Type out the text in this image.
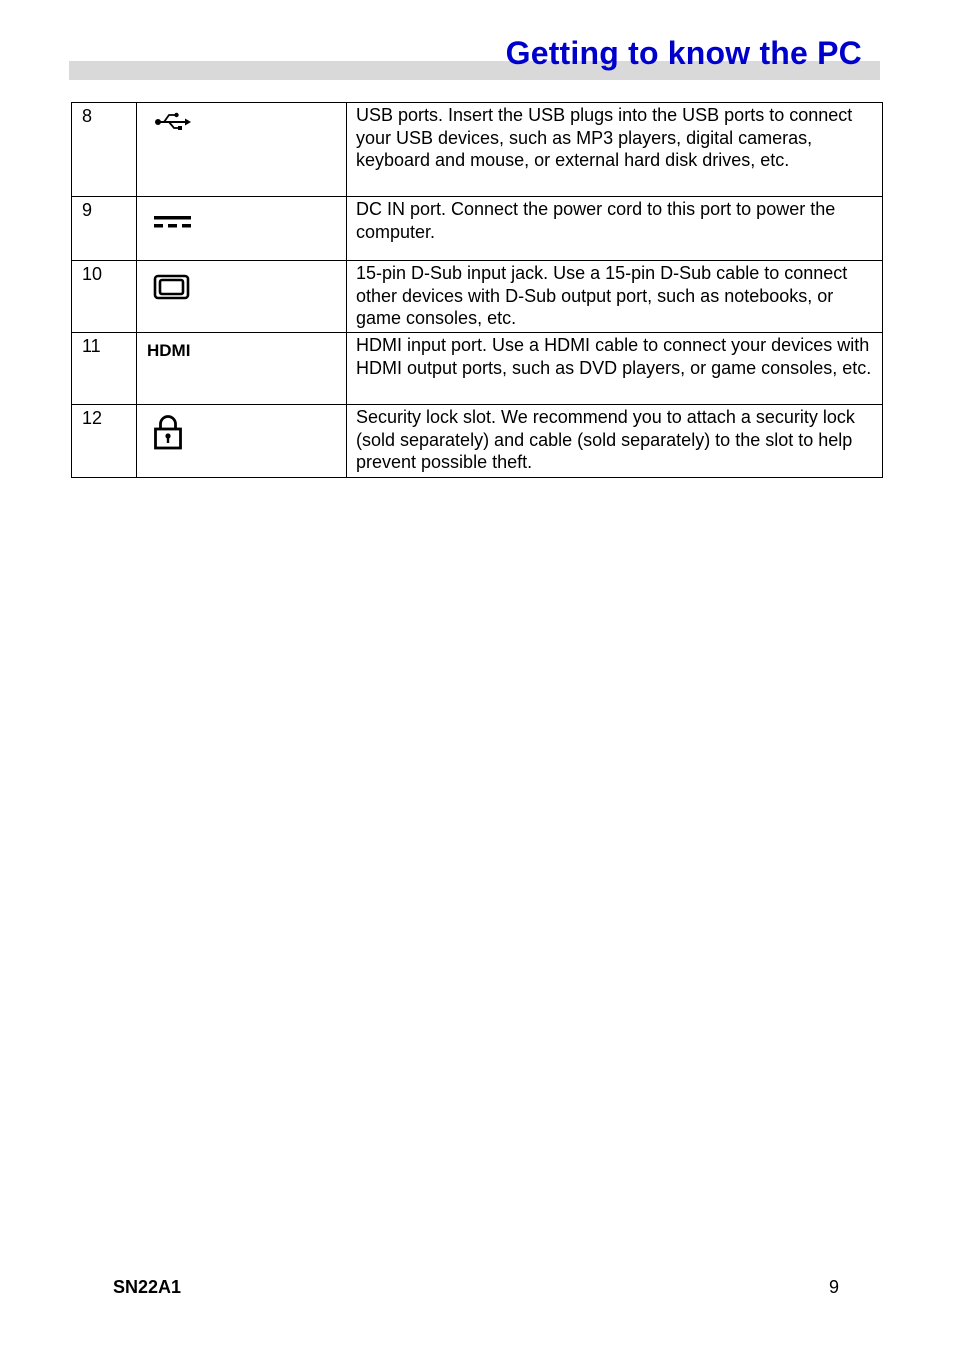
Getting to know the PC
8		USB ports. Insert the USB plugs into the USB ports to connect your USB devices, such as MP3 players, digital cameras, keyboard and mouse, or external hard disk drives, etc.
9		DC IN port. Connect the power cord to this port to power the computer.
10		15-pin D-Sub input jack. Use a 15-pin D-Sub cable to connect other devices with D-Sub output port, such as notebooks, or game consoles, etc.
11	HDMI	HDMI input port. Use a HDMI cable to connect your devices with HDMI output ports, such as DVD players, or game consoles, etc.
12		Security lock slot. We recommend you to attach a security lock (sold separately) and cable (sold separately) to the slot to help prevent possible theft.
SN22A1	9
